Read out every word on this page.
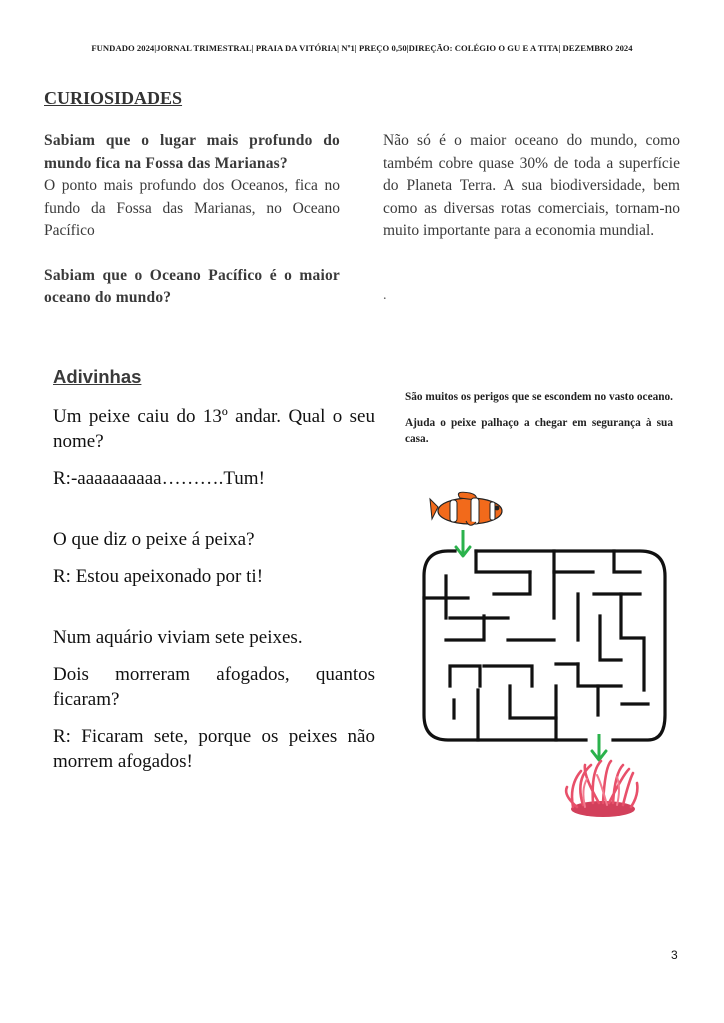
FUNDADO 2024|JORNAL TRIMESTRAL| PRAIA DA VITÓRIA| Nº1| PREÇO 0,50|DIREÇÃO: COLÉGIO O GU E A TITA| DEZEMBRO 2024
CURIOSIDADES
Sabiam que o lugar mais profundo do mundo fica na Fossa das Marianas?
O ponto mais profundo dos Oceanos, fica no fundo da Fossa das Marianas, no Oceano Pacífico
Sabiam que o Oceano Pacífico é o maior oceano do mundo?
Não só é o maior oceano do mundo, como também cobre quase 30% de toda a superfície do Planeta Terra. A sua biodiversidade, bem como as diversas rotas comerciais, tornam-no muito importante para a economia mundial.
.
Adivinhas

Um peixe caiu do 13º andar. Qual o seu nome?

R:-aaaaaaaaaa……….Tum!

O que diz o peixe á peixa?

R: Estou apeixonado por ti!

Num aquário viviam sete peixes.

Dois morreram afogados, quantos ficaram?

R: Ficaram sete, porque os peixes não morrem afogados!

São muitos os perigos que se escondem no vasto oceano.

Ajuda o peixe palhaço a chegar em segurança à sua casa.

3
